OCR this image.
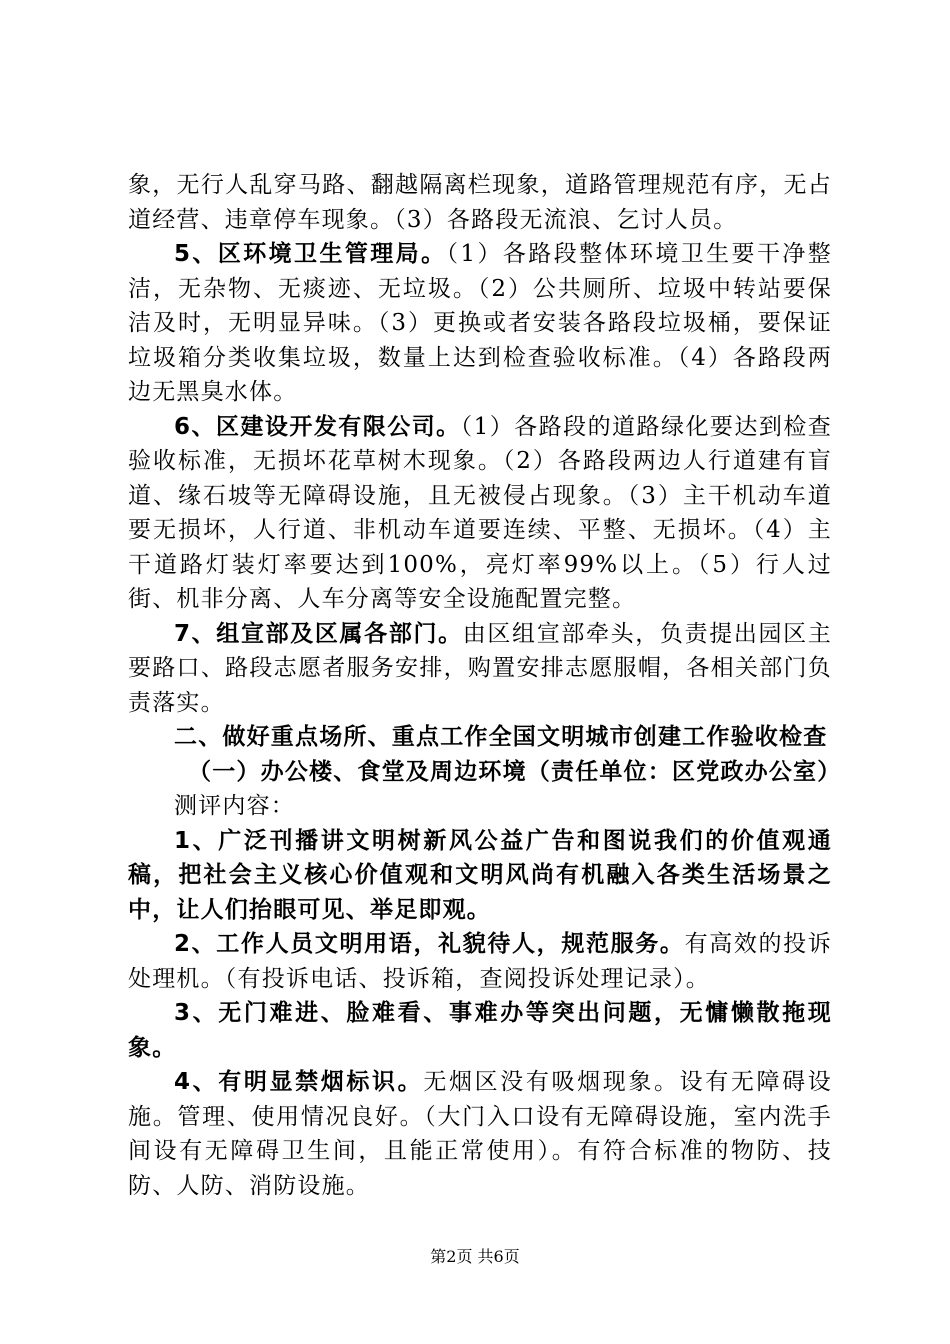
象，无行人乱穿马路、翻越隔离栏现象，道路管理规范有序，无占道经营、违章停车现象。（3）各路段无流浪、乞讨人员。

5、区环境卫生管理局。（1）各路段整体环境卫生要干净整洁，无杂物、无痰迹、无垃圾。（2）公共厕所、垃圾中转站要保洁及时，无明显异味。（3）更换或者安装各路段垃圾桶，要保证垃圾箱分类收集垃圾，数量上达到检查验收标准。（4）各路段两边无黑臭水体。

6、区建设开发有限公司。（1）各路段的道路绿化要达到检查验收标准，无损坏花草树木现象。（2）各路段两边人行道建有盲道、缘石坡等无障碍设施，且无被侵占现象。（3）主干机动车道要无损坏，人行道、非机动车道要连续、平整、无损坏。（4）主干道路灯装灯率要达到100%，亮灯率99%以上。（5）行人过街、机非分离、人车分离等安全设施配置完整。

7、组宣部及区属各部门。由区组宣部牵头，负责提出园区主要路口、路段志愿者服务安排，购置安排志愿服帽，各相关部门负责落实。

二、做好重点场所、重点工作全国文明城市创建工作验收检查

（一）办公楼、食堂及周边环境（责任单位：区党政办公室）

测评内容：

1、广泛刊播讲文明树新风公益广告和图说我们的价值观通稿，把社会主义核心价值观和文明风尚有机融入各类生活场景之中，让人们抬眼可见、举足即观。

2、工作人员文明用语，礼貌待人，规范服务。有高效的投诉处理机。（有投诉电话、投诉箱，查阅投诉处理记录）。

3、无门难进、脸难看、事难办等突出问题，无慵懒散拖现象。

4、有明显禁烟标识。无烟区没有吸烟现象。设有无障碍设施。管理、使用情况良好。（大门入口设有无障碍设施，室内洗手间设有无障碍卫生间，且能正常使用）。有符合标准的物防、技防、人防、消防设施。

第2页 共6页
